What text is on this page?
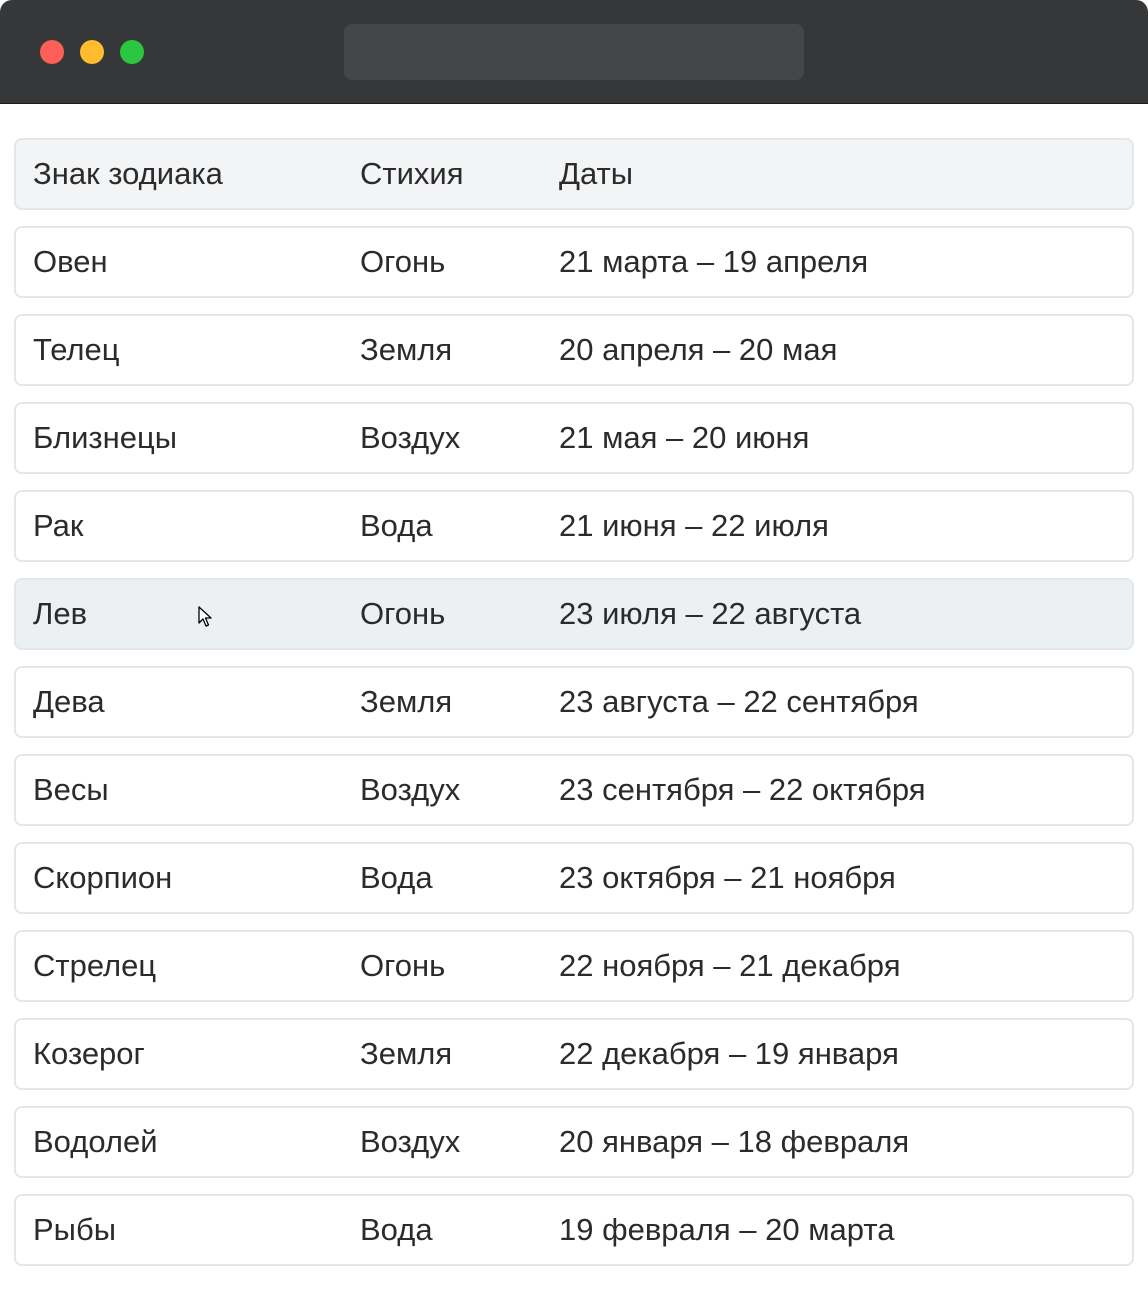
Знак зодиака	Стихия	Даты
Овен	Огонь	21 марта – 19 апреля
Телец	Земля	20 апреля – 20 мая
Близнецы	Воздух	21 мая – 20 июня
Рак	Вода	21 июня – 22 июля
Лев	Огонь	23 июля – 22 августа
Дева	Земля	23 августа – 22 сентября
Весы	Воздух	23 сентября – 22 октября
Скорпион	Вода	23 октября – 21 ноября
Стрелец	Огонь	22 ноября – 21 декабря
Козерог	Земля	22 декабря – 19 января
Водолей	Воздух	20 января – 18 февраля
Рыбы	Вода	19 февраля – 20 марта
